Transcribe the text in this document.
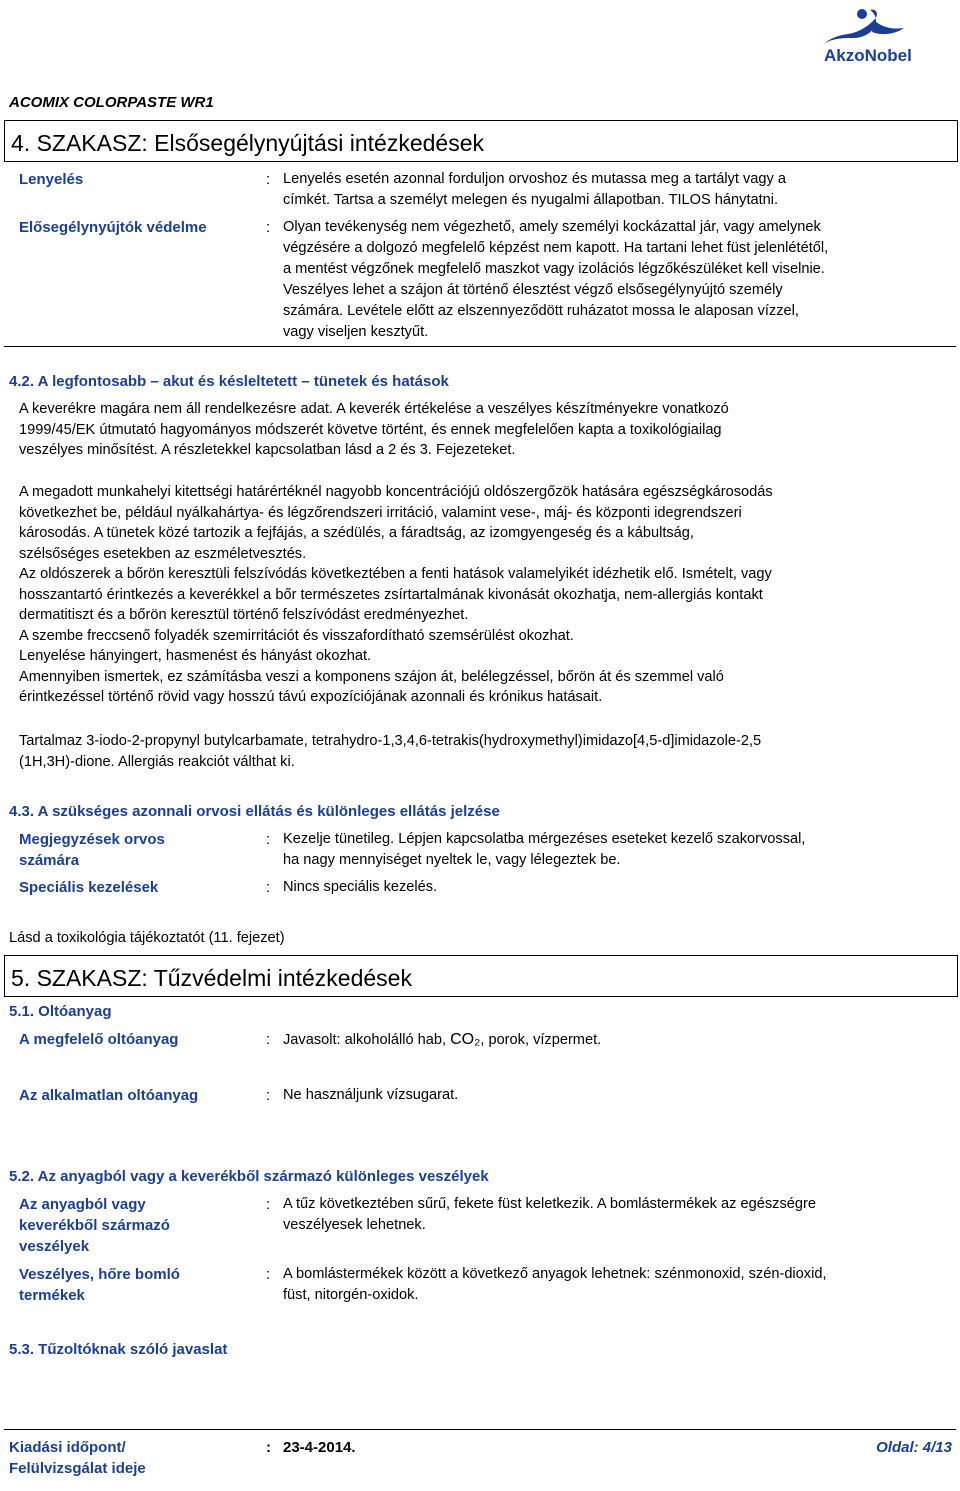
AkzoNobel
ACOMIX COLORPASTE WR1
4. SZAKASZ: Elsősegélynyújtási intézkedések
Lenyelés	: Lenyelés esetén azonnal forduljon orvoshoz és mutassa meg a tartályt vagy a
címkét. Tartsa a személyt melegen és nyugalmi állapotban. TILOS hánytatni.
Elősegélynyújtók védelme	: Olyan tevékenység nem végezhető, amely személyi kockázattal jár, vagy amelynek
végzésére a dolgozó megfelelő képzést nem kapott. Ha tartani lehet füst jelenlététől,
a mentést végzőnek megfelelő maszkot vagy izolációs légzőkészüléket kell viselnie.
Veszélyes lehet a szájon át történő élesztést végző elsősegélynyújtó személy
számára. Levétele előtt az elszennyeződött ruházatot mossa le alaposan vízzel,
vagy viseljen kesztyűt.
4.2. A legfontosabb – akut és késleltetett – tünetek és hatások
A keverékre magára nem áll rendelkezésre adat. A keverék értékelése a veszélyes készítményekre vonatkozó
1999/45/EK útmutató hagyományos módszerét követve történt, és ennek megfelelően kapta a toxikológiailag
veszélyes minősítést. A részletekkel kapcsolatban lásd a 2 és 3. Fejezeteket.
A megadott munkahelyi kitettségi határértéknél nagyobb koncentrációjú oldószergőzök hatására egészségkárosodás
következhet be, például nyálkahártya- és légzőrendszeri irritáció, valamint vese-, máj- és központi idegrendszeri
károsodás. A tünetek közé tartozik a fejfájás, a szédülés, a fáradtság, az izomgyengeség és a kábultság,
szélsőséges esetekben az eszméletvesztés.
Az oldószerek a bőrön keresztüli felszívódás következtében a fenti hatások valamelyikét idézhetik elő. Ismételt, vagy
hosszantartó érintkezés a keverékkel a bőr természetes zsírtartalmának kivonását okozhatja, nem-allergiás kontakt
dermatitiszt és a bőrön keresztül történő felszívódást eredményezhet.
A szembe freccsenő folyadék szemirritációt és visszafordítható szemsérülést okozhat.
Lenyelése hányingert, hasmenést és hányást okozhat.
Amennyiben ismertek, ez számításba veszi a komponens szájon át, belélegzéssel, bőrön át és szemmel való
érintkezéssel történő rövid vagy hosszú távú expozíciójának azonnali és krónikus hatásait.
Tartalmaz 3-iodo-2-propynyl butylcarbamate, tetrahydro-1,3,4,6-tetrakis(hydroxymethyl)imidazo[4,5-d]imidazole-2,5
(1H,3H)-dione. Allergiás reakciót válthat ki.
4.3. A szükséges azonnali orvosi ellátás és különleges ellátás jelzése
Megjegyzések orvos
számára
: Kezelje tünetileg. Lépjen kapcsolatba mérgezéses eseteket kezelő szakorvossal,
ha nagy mennyiséget nyeltek le, vagy lélegeztek be.
Speciális kezelések	: Nincs speciális kezelés.
Lásd a toxikológia tájékoztatót (11. fejezet)
5. SZAKASZ: Tűzvédelmi intézkedések
5.1. Oltóanyag
A megfelelő oltóanyag	: Javasolt: alkoholálló hab, CO₂, porok, vízpermet.
Az alkalmatlan oltóanyag	: Ne használjunk vízsugarat.
5.2. Az anyagból vagy a keverékből származó különleges veszélyek
Az anyagból vagy
keverékből származó
veszélyek
: A tűz következtében sűrű, fekete füst keletkezik. A bomlástermékek az egészségre
veszélyesek lehetnek.
Veszélyes, hőre bomló
termékek
: A bomlástermékek között a következő anyagok lehetnek: szénmonoxid, szén-dioxid,
füst, nitorgén-oxidok.
5.3. Tűzoltóknak szóló javaslat
Kiadási időpont/
Felülvizsgálat ideje
: 23-4-2014.	Oldal: 4/13
